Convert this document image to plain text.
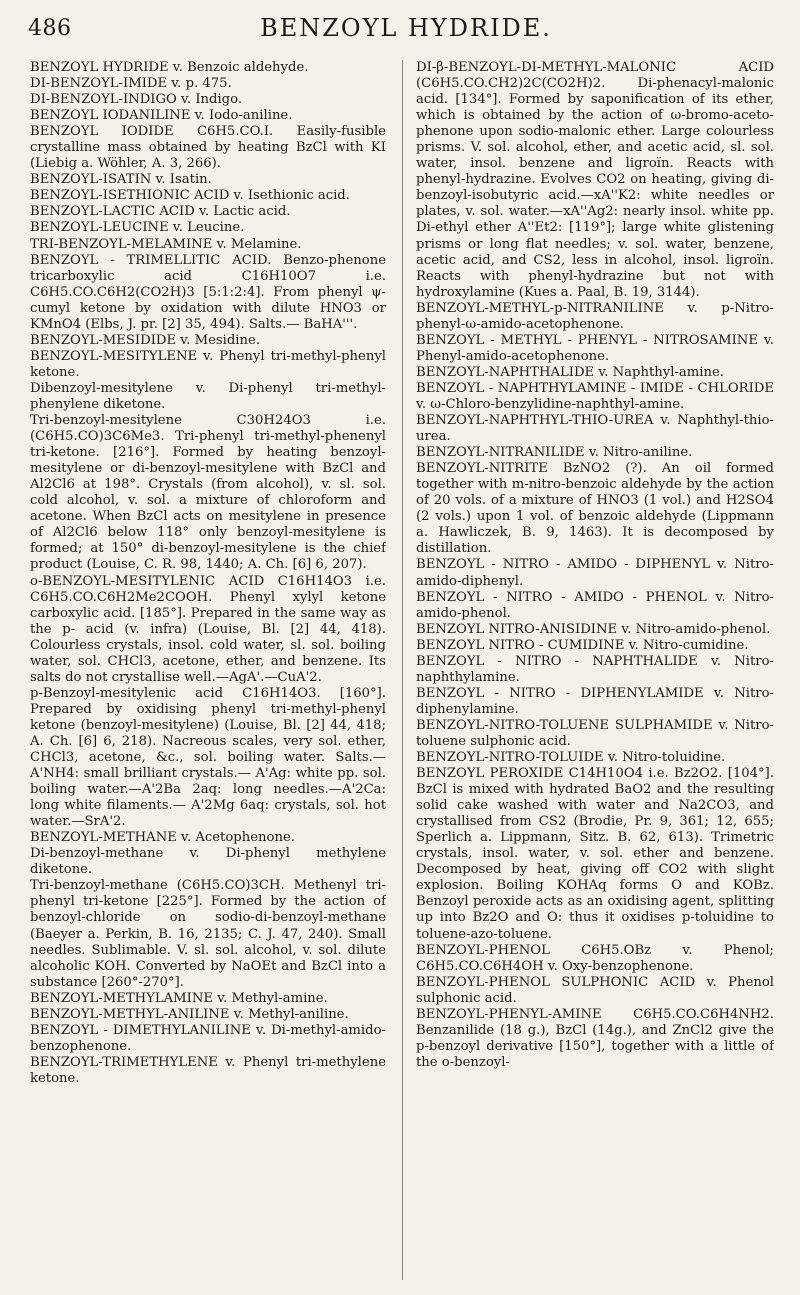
486	BENZOYL HYDRIDE.

BENZOYL HYDRIDE v. Benzoic aldehyde.

DI-BENZOYL-IMIDE v. p. 475.

DI-BENZOYL-INDIGO v. Indigo.

BENZOYL IODANILINE v. Iodo-aniline.

BENZOYL IODIDE C6H5.CO.I. Easily-fusible crystalline mass obtained by heating BzCl with KI (Liebig a. Wöhler, A. 3, 266).

BENZOYL-ISATIN v. Isatin.

BENZOYL-ISETHIONIC ACID v. Isethionic acid.

BENZOYL-LACTIC ACID v. Lactic acid.

BENZOYL-LEUCINE v. Leucine.

TRI-BENZOYL-MELAMINE v. Melamine.

BENZOYL - TRIMELLITIC ACID. Benzo-phenone tricarboxylic acid C16H10O7 i.e. C6H5.CO.C6H2(CO2H)3 [5:1:2:4]. From phenyl ψ-cumyl ketone by oxidation with dilute HNO3 or KMnO4 (Elbs, J. pr. [2] 35, 494). Salts.— BaHA'''.

BENZOYL-MESIDIDE v. Mesidine.

BENZOYL-MESITYLENE v. Phenyl tri-methyl-phenyl ketone.

Dibenzoyl-mesitylene v. Di-phenyl tri-methyl-phenylene diketone.

Tri-benzoyl-mesitylene C30H24O3 i.e. (C6H5.CO)3C6Me3. Tri-phenyl tri-methyl-phenenyl tri-ketone. [216°]. Formed by heating benzoyl-mesitylene or di-benzoyl-mesitylene with BzCl and Al2Cl6 at 198°. Crystals (from alcohol), v. sl. sol. cold alcohol, v. sol. a mixture of chloroform and acetone. When BzCl acts on mesitylene in presence of Al2Cl6 below 118° only benzoyl-mesitylene is formed; at 150° di-benzoyl-mesitylene is the chief product (Louise, C. R. 98, 1440; A. Ch. [6] 6, 207).

o-BENZOYL-MESITYLENIC ACID C16H14O3 i.e. C6H5.CO.C6H2Me2COOH. Phenyl xylyl ketone carboxylic acid. [185°]. Prepared in the same way as the p- acid (v. infra) (Louise, Bl. [2] 44, 418). Colourless crystals, insol. cold water, sl. sol. boiling water, sol. CHCl3, acetone, ether, and benzene. Its salts do not crystallise well.—AgA'.—CuA'2.

p-Benzoyl-mesitylenic acid C16H14O3. [160°]. Prepared by oxidising phenyl tri-methyl-phenyl ketone (benzoyl-mesitylene) (Louise, Bl. [2] 44, 418; A. Ch. [6] 6, 218). Nacreous scales, very sol. ether, CHCl3, acetone, &c., sol. boiling water. Salts.—A'NH4: small brilliant crystals.— A'Ag: white pp. sol. boiling water.—A'2Ba 2aq: long needles.—A'2Ca: long white filaments.— A'2Mg 6aq: crystals, sol. hot water.—SrA'2.

BENZOYL-METHANE v. Acetophenone.

Di-benzoyl-methane v. Di-phenyl methylene diketone.

Tri-benzoyl-methane (C6H5.CO)3CH. Methenyl tri-phenyl tri-ketone [225°]. Formed by the action of benzoyl-chloride on sodio-di-benzoyl-methane (Baeyer a. Perkin, B. 16, 2135; C. J. 47, 240). Small needles. Sublimable. V. sl. sol. alcohol, v. sol. dilute alcoholic KOH. Converted by NaOEt and BzCl into a substance [260°-270°].

BENZOYL-METHYLAMINE v. Methyl-amine.

BENZOYL-METHYL-ANILINE v. Methyl-aniline.

BENZOYL - DIMETHYLANILINE v. Di-methyl-amido-benzophenone.

BENZOYL-TRIMETHYLENE v. Phenyl tri-methylene ketone.

DI-β-BENZOYL-DI-METHYL-MALONIC ACID (C6H5.CO.CH2)2C(CO2H)2. Di-phenacyl-malonic acid. [134°]. Formed by saponification of its ether, which is obtained by the action of ω-bromo-aceto-phenone upon sodio-malonic ether. Large colourless prisms. V. sol. alcohol, ether, and acetic acid, sl. sol. water, insol. benzene and ligroïn. Reacts with phenyl-hydrazine. Evolves CO2 on heating, giving di-benzoyl-isobutyric acid.—xA''K2: white needles or plates, v. sol. water.—xA''Ag2: nearly insol. white pp. Di-ethyl ether A''Et2: [119°]; large white glistening prisms or long flat needles; v. sol. water, benzene, acetic acid, and CS2, less in alcohol, insol. ligroïn. Reacts with phenyl-hydrazine but not with hydroxylamine (Kues a. Paal, B. 19, 3144).

BENZOYL-METHYL-p-NITRANILINE v. p-Nitro-phenyl-ω-amido-acetophenone.

BENZOYL - METHYL - PHENYL - NITROSAMINE v. Phenyl-amido-acetophenone.

BENZOYL-NAPHTHALIDE v. Naphthyl-amine.

BENZOYL - NAPHTHYLAMINE - IMIDE - CHLORIDE v. ω-Chloro-benzylidine-naphthyl-amine.

BENZOYL-NAPHTHYL-THIO-UREA v. Naphthyl-thio-urea.

BENZOYL-NITRANILIDE v. Nitro-aniline.

BENZOYL-NITRITE BzNO2 (?). An oil formed together with m-nitro-benzoic aldehyde by the action of 20 vols. of a mixture of HNO3 (1 vol.) and H2SO4 (2 vols.) upon 1 vol. of benzoic aldehyde (Lippmann a. Hawliczek, B. 9, 1463). It is decomposed by distillation.

BENZOYL - NITRO - AMIDO - DIPHENYL v. Nitro-amido-diphenyl.

BENZOYL - NITRO - AMIDO - PHENOL v. Nitro-amido-phenol.

BENZOYL NITRO-ANISIDINE v. Nitro-amido-phenol.

BENZOYL NITRO - CUMIDINE v. Nitro-cumidine.

BENZOYL - NITRO - NAPHTHALIDE v. Nitro-naphthylamine.

BENZOYL - NITRO - DIPHENYLAMIDE v. Nitro-diphenylamine.

BENZOYL-NITRO-TOLUENE SULPHAMIDE v. Nitro-toluene sulphonic acid.

BENZOYL-NITRO-TOLUIDE v. Nitro-toluidine.

BENZOYL PEROXIDE C14H10O4 i.e. Bz2O2. [104°]. BzCl is mixed with hydrated BaO2 and the resulting solid cake washed with water and Na2CO3, and crystallised from CS2 (Brodie, Pr. 9, 361; 12, 655; Sperlich a. Lippmann, Sitz. B. 62, 613). Trimetric crystals, insol. water, v. sol. ether and benzene. Decomposed by heat, giving off CO2 with slight explosion. Boiling KOHAq forms O and KOBz. Benzoyl peroxide acts as an oxidising agent, splitting up into Bz2O and O: thus it oxidises p-toluidine to toluene-azo-toluene.

BENZOYL-PHENOL C6H5.OBz v. Phenol; C6H5.CO.C6H4OH v. Oxy-benzophenone.

BENZOYL-PHENOL SULPHONIC ACID v. Phenol sulphonic acid.

BENZOYL-PHENYL-AMINE C6H5.CO.C6H4NH2. Benzanilide (18 g.), BzCl (14g.), and ZnCl2 give the p-benzoyl derivative [150°], together with a little of the o-benzoyl-
